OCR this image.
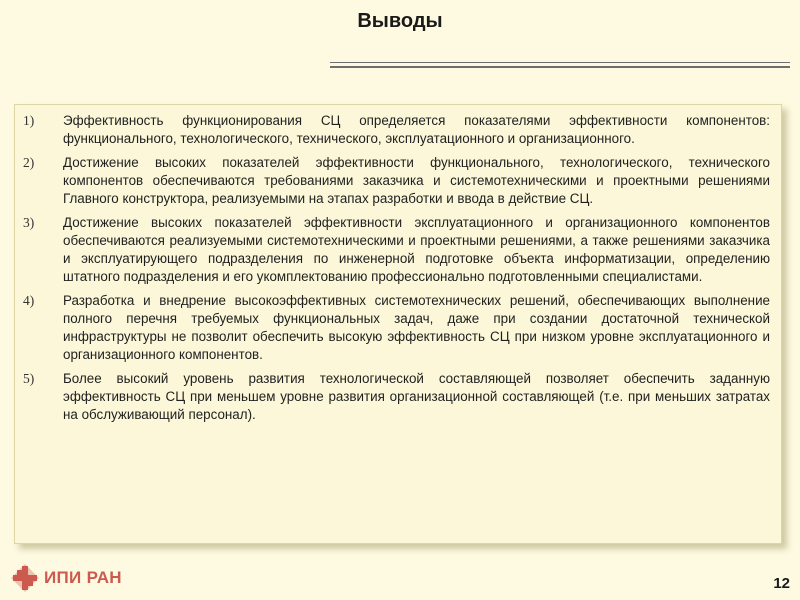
Выводы
1)	Эффективность функционирования СЦ определяется показателями эффективности компонентов: функционального, технологического, технического, эксплуатационного и организационного.
2)	Достижение высоких показателей эффективности функционального, технологического, технического компонентов обеспечиваются требованиями заказчика и системотехническими и проектными решениями Главного конструктора, реализуемыми на этапах разработки и ввода в действие СЦ.
3)	Достижение высоких показателей эффективности эксплуатационного и организационного компонентов обеспечиваются реализуемыми системотехническими и проектными решениями, а также решениями заказчика и эксплуатирующего подразделения по инженерной подготовке объекта информатизации, определению штатного подразделения и его укомплектованию профессионально подготовленными специалистами.
4)	Разработка и внедрение высокоэффективных системотехнических решений, обеспечивающих выполнение полного перечня требуемых функциональных задач, даже при создании достаточной технической инфраструктуры не позволит обеспечить высокую эффективность СЦ при низком уровне эксплуатационного и организационного компонентов.
5)	Более высокий уровень развития технологической составляющей позволяет обеспечить заданную эффективность СЦ при меньшем уровне развития организационной составляющей (т.е. при меньших затратах на обслуживающий персонал).
ИПИ РАН	12
